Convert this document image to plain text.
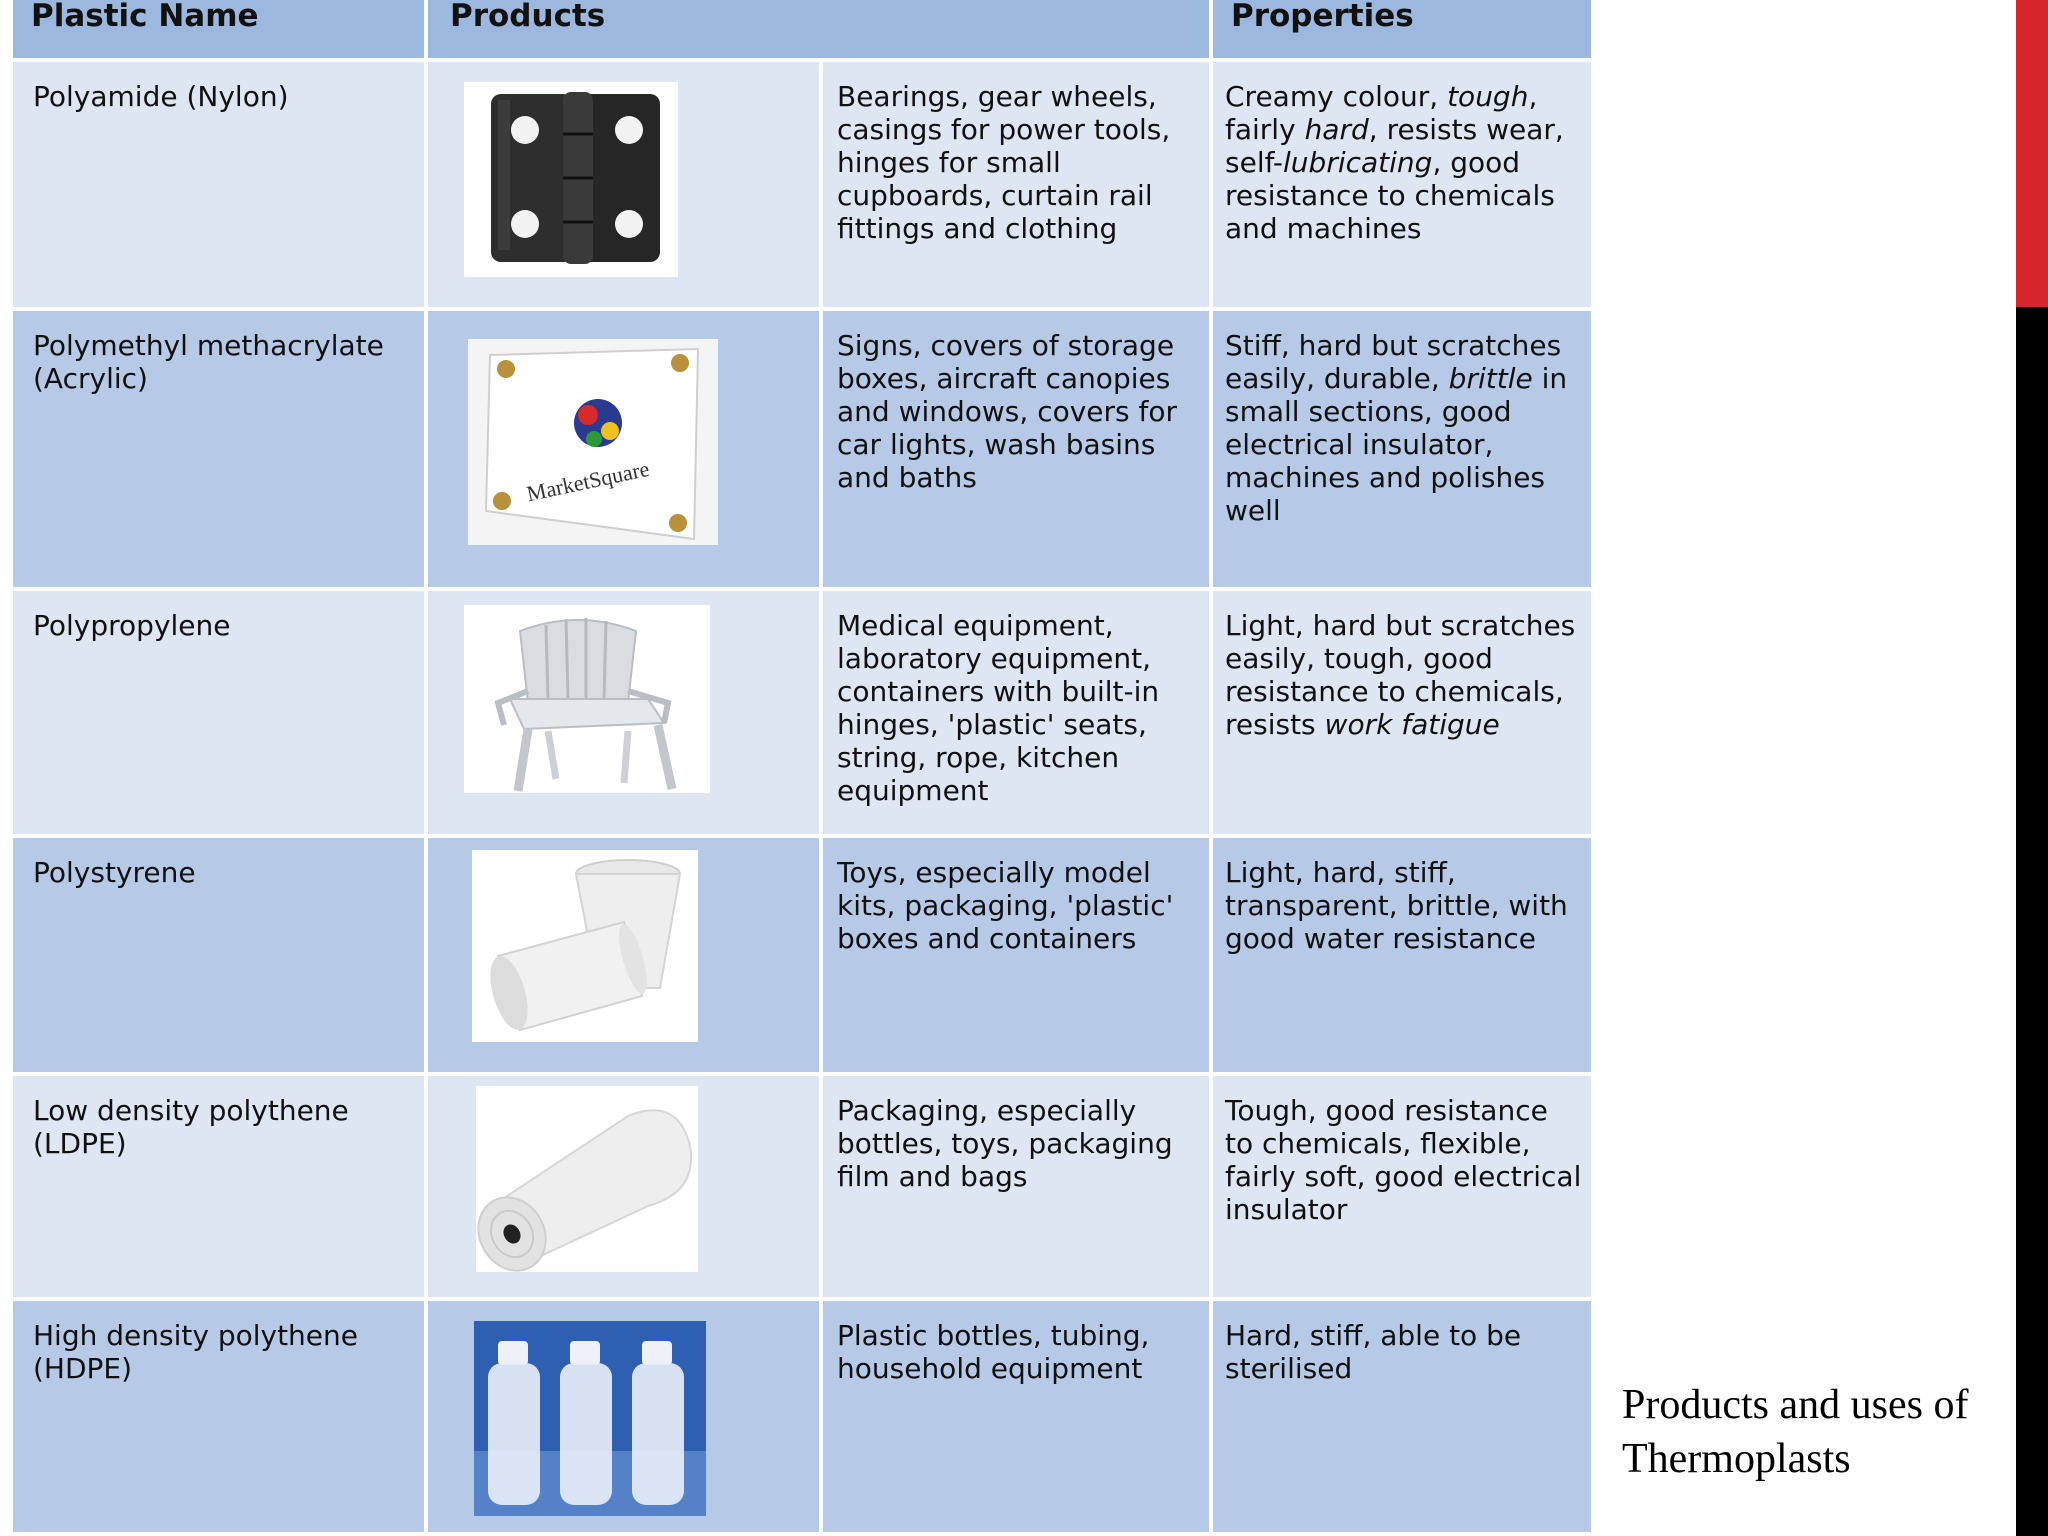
Plastic Name	Products		Properties
Polyamide (Nylon)		Bearings, gear wheels, casings for power tools, hinges for small cupboards, curtain rail fittings and clothing	Creamy colour, tough, fairly hard, resists wear, self-lubricating, good resistance to chemicals and machines
Polymethyl methacrylate (Acrylic)	MarketSquare	Signs, covers of storage boxes, aircraft canopies and windows, covers for car lights, wash basins and baths	Stiff, hard but scratches easily, durable, brittle in small sections, good electrical insulator, machines and polishes well
Polypropylene		Medical equipment, laboratory equipment, containers with built-in hinges, 'plastic' seats, string, rope, kitchen equipment	Light, hard but scratches easily, tough, good resistance to chemicals, resists work fatigue
Polystyrene		Toys, especially model kits, packaging, 'plastic' boxes and containers	Light, hard, stiff, transparent, brittle, with good water resistance
Low density polythene (LDPE)		Packaging, especially bottles, toys, packaging film and bags	Tough, good resistance to chemicals, flexible, fairly soft, good electrical insulator
High density polythene (HDPE)		Plastic bottles, tubing, household equipment	Hard, stiff, able to be sterilised
Products and uses of Thermoplasts
